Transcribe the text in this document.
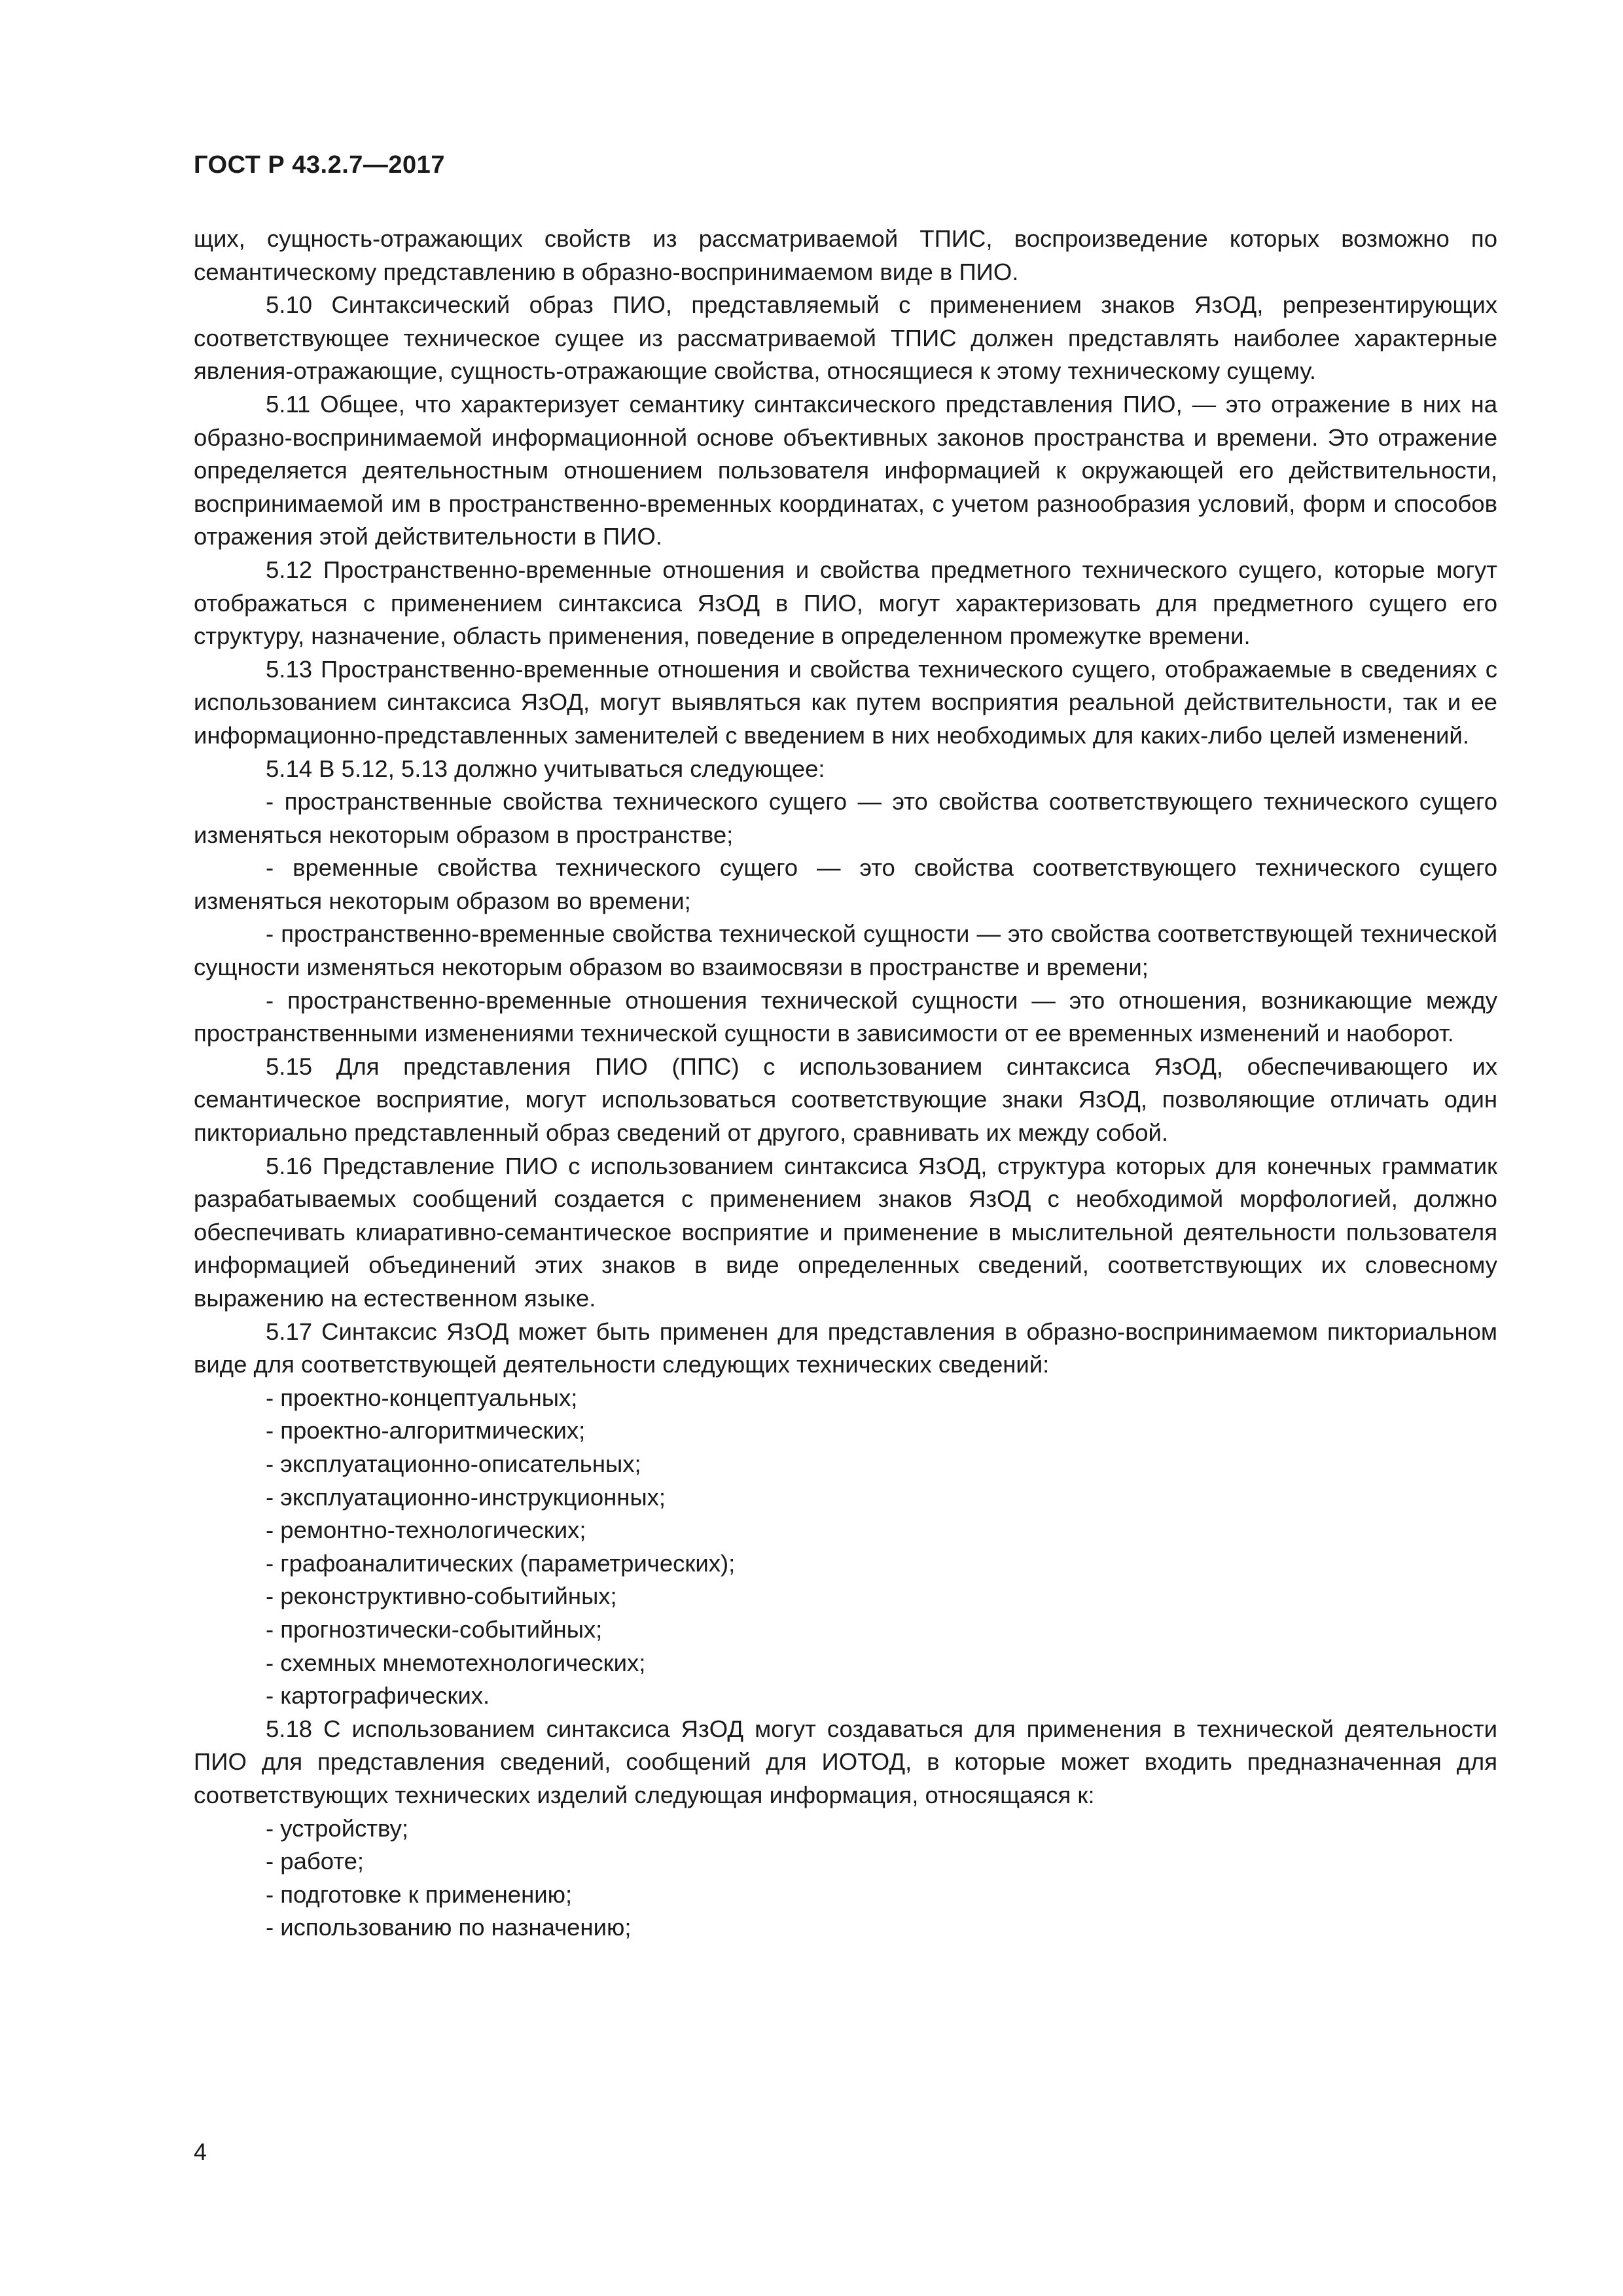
ГОСТ Р 43.2.7—2017

щих, сущность-отражающих свойств из рассматриваемой ТПИС, воспроизведение которых возможно по семантическому представлению в образно-воспринимаемом виде в ПИО.

5.10 Синтаксический образ ПИО, представляемый с применением знаков ЯзОД, репрезентирующих соответствующее техническое сущее из рассматриваемой ТПИС должен представлять наиболее характерные явления-отражающие, сущность-отражающие свойства, относящиеся к этому техническому сущему.

5.11 Общее, что характеризует семантику синтаксического представления ПИО, — это отражение в них на образно-воспринимаемой информационной основе объективных законов пространства и времени. Это отражение определяется деятельностным отношением пользователя информацией к окружающей его действительности, воспринимаемой им в пространственно-временных координатах, с учетом разнообразия условий, форм и способов отражения этой действительности в ПИО.

5.12 Пространственно-временные отношения и свойства предметного технического сущего, которые могут отображаться с применением синтаксиса ЯзОД в ПИО, могут характеризовать для предметного сущего его структуру, назначение, область применения, поведение в определенном промежутке времени.

5.13 Пространственно-временные отношения и свойства технического сущего, отображаемые в сведениях с использованием синтаксиса ЯзОД, могут выявляться как путем восприятия реальной действительности, так и ее информационно-представленных заменителей с введением в них необходимых для каких-либо целей изменений.

5.14 В 5.12, 5.13 должно учитываться следующее:

- пространственные свойства технического сущего — это свойства соответствующего технического сущего изменяться некоторым образом в пространстве;

- временные свойства технического сущего — это свойства соответствующего технического сущего изменяться некоторым образом во времени;

- пространственно-временные свойства технической сущности — это свойства соответствующей технической сущности изменяться некоторым образом во взаимосвязи в пространстве и времени;

- пространственно-временные отношения технической сущности — это отношения, возникающие между пространственными изменениями технической сущности в зависимости от ее временных изменений и наоборот.

5.15 Для представления ПИО (ППС) с использованием синтаксиса ЯзОД, обеспечивающего их семантическое восприятие, могут использоваться соответствующие знаки ЯзОД, позволяющие отличать один пикториально представленный образ сведений от другого, сравнивать их между собой.

5.16 Представление ПИО с использованием синтаксиса ЯзОД, структура которых для конечных грамматик разрабатываемых сообщений создается с применением знаков ЯзОД с необходимой морфологией, должно обеспечивать клиаративно-семантическое восприятие и применение в мыслительной деятельности пользователя информацией объединений этих знаков в виде определенных сведений, соответствующих их словесному выражению на естественном языке.

5.17 Синтаксис ЯзОД может быть применен для представления в образно-воспринимаемом пикториальном виде для соответствующей деятельности следующих технических сведений:

- проектно-концептуальных;

- проектно-алгоритмических;

- эксплуатационно-описательных;

- эксплуатационно-инструкционных;

- ремонтно-технологических;

- графоаналитических (параметрических);

- реконструктивно-событийных;

- прогнозтически-событийных;

- схемных мнемотехнологических;

- картографических.

5.18 С использованием синтаксиса ЯзОД могут создаваться для применения в технической деятельности ПИО для представления сведений, сообщений для ИОТОД, в которые может входить предназначенная для соответствующих технических изделий следующая информация, относящаяся к:

- устройству;

- работе;

- подготовке к применению;

- использованию по назначению;

4
